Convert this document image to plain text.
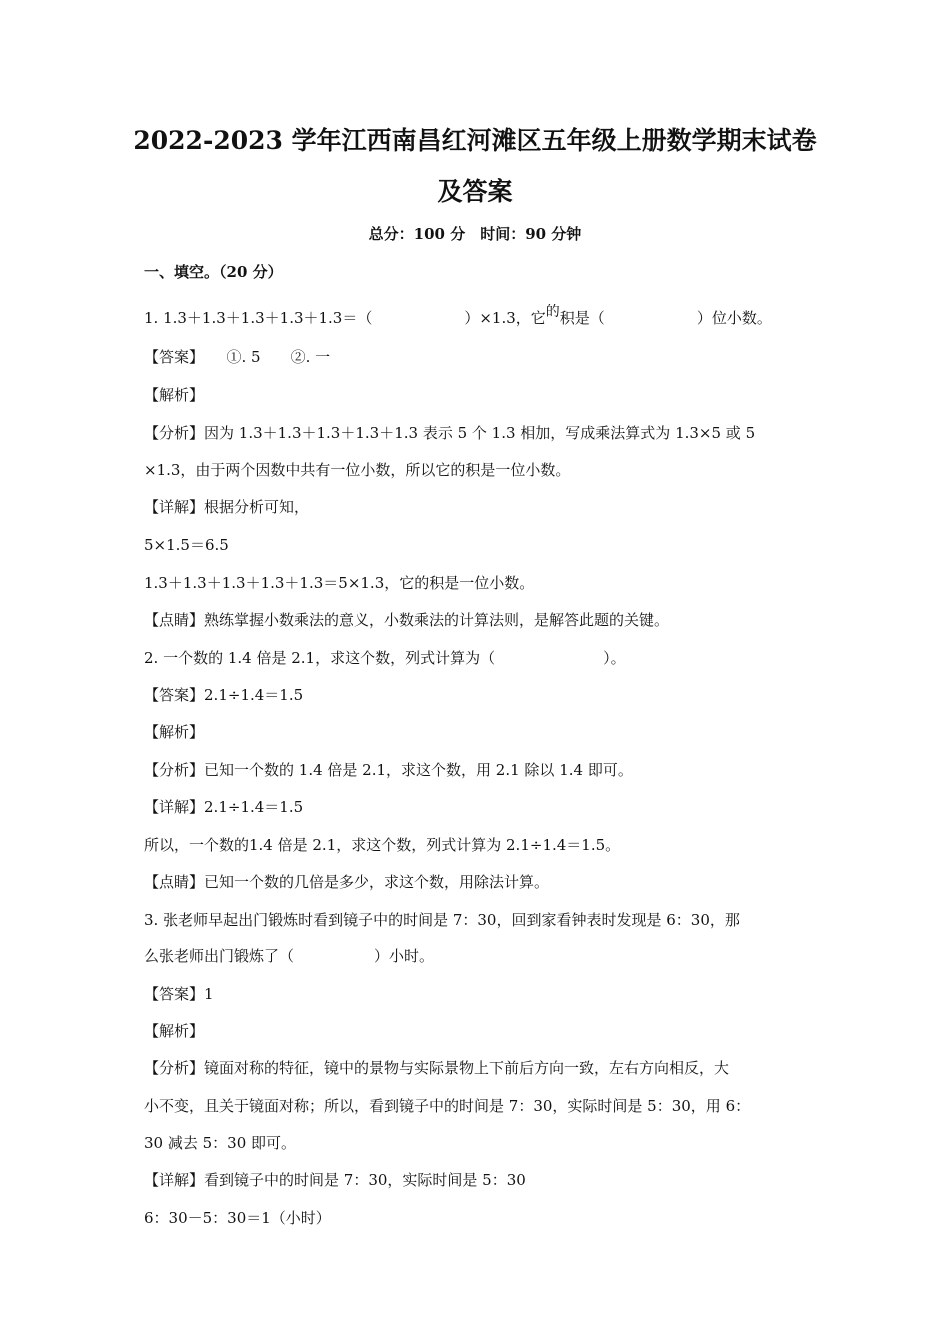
2022-2023 学年江西南昌红河滩区五年级上册数学期末试卷
及答案
总分：100 分　时间：90 分钟
一、填空。（20 分）
1. 1.3＋1.3＋1.3＋1.3＋1.3＝（	）×1.3，它的积是（	）位小数。
【答案】　　①. 5　　②. 一
【解析】
【分析】因为 1.3＋1.3＋1.3＋1.3＋1.3 表示 5 个 1.3 相加，写成乘法算式为 1.3×5 或 5
×1.3，由于两个因数中共有一位小数，所以它的积是一位小数。
【详解】根据分析可知，
5×1.5＝6.5
1.3＋1.3＋1.3＋1.3＋1.3＝5×1.3，它的积是一位小数。
【点睛】熟练掌握小数乘法的意义，小数乘法的计算法则，是解答此题的关键。
2. 一个数的 1.4 倍是 2.1，求这个数，列式计算为（	）。
【答案】2.1÷1.4＝1.5
【解析】
【分析】已知一个数的 1.4 倍是 2.1，求这个数，用 2.1 除以 1.4 即可。
【详解】2.1÷1.4＝1.5
所以，一个数的1.4 倍是 2.1，求这个数，列式计算为 2.1÷1.4＝1.5。
【点睛】已知一个数的几倍是多少，求这个数，用除法计算。
3. 张老师早起出门锻炼时看到镜子中的时间是 7：30，回到家看钟表时发现是 6：30，那
么张老师出门锻炼了（	）小时。
【答案】1
【解析】
【分析】镜面对称的特征，镜中的景物与实际景物上下前后方向一致，左右方向相反，大
小不变，且关于镜面对称；所以，看到镜子中的时间是 7：30，实际时间是 5：30，用 6：
30 减去 5：30 即可。
【详解】看到镜子中的时间是 7：30，实际时间是 5：30
6：30－5：30＝1（小时）
